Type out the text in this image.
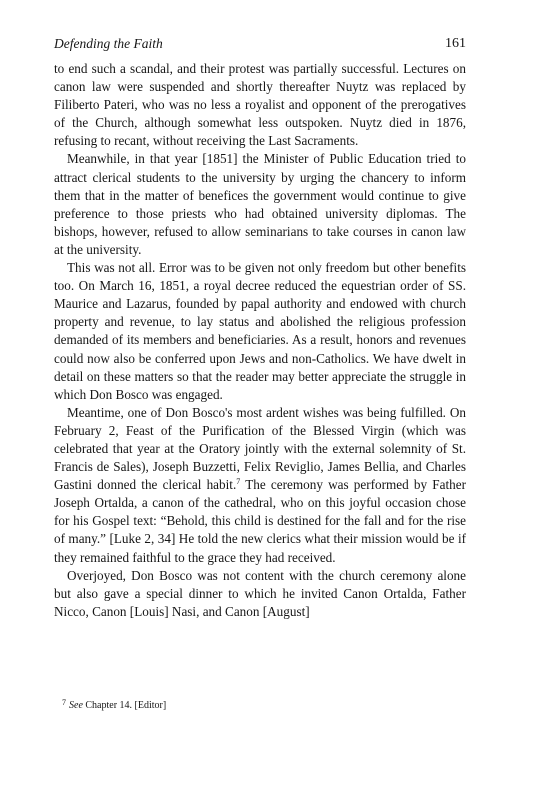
Defending the Faith	161

to end such a scandal, and their protest was partially successful. Lectures on canon law were suspended and shortly thereafter Nuytz was replaced by Filiberto Pateri, who was no less a royalist and opponent of the prerogatives of the Church, although somewhat less outspoken. Nuytz died in 1876, refusing to recant, without receiving the Last Sacraments.

Meanwhile, in that year [1851] the Minister of Public Education tried to attract clerical students to the university by urging the chancery to inform them that in the matter of benefices the government would continue to give preference to those priests who had obtained university diplomas. The bishops, however, refused to allow seminarians to take courses in canon law at the university.

This was not all. Error was to be given not only freedom but other benefits too. On March 16, 1851, a royal decree reduced the equestrian order of SS. Maurice and Lazarus, founded by papal authority and endowed with church property and revenue, to lay status and abolished the religious profession demanded of its members and beneficiaries. As a result, honors and revenues could now also be conferred upon Jews and non-Catholics. We have dwelt in detail on these matters so that the reader may better appreciate the struggle in which Don Bosco was engaged.

Meantime, one of Don Bosco's most ardent wishes was being fulfilled. On February 2, Feast of the Purification of the Blessed Virgin (which was celebrated that year at the Oratory jointly with the external solemnity of St. Francis de Sales), Joseph Buzzetti, Felix Reviglio, James Bellia, and Charles Gastini donned the clerical habit.$^7$ The ceremony was performed by Father Joseph Ortalda, a canon of the cathedral, who on this joyful occasion chose for his Gospel text: “Behold, this child is destined for the fall and for the rise of many.” [Luke 2, 34] He told the new clerics what their mission would be if they remained faithful to the grace they had received.

Overjoyed, Don Bosco was not content with the church ceremony alone but also gave a special dinner to which he invited Canon Ortalda, Father Nicco, Canon [Louis] Nasi, and Canon [August]

$^7$ See Chapter 14. [Editor]
